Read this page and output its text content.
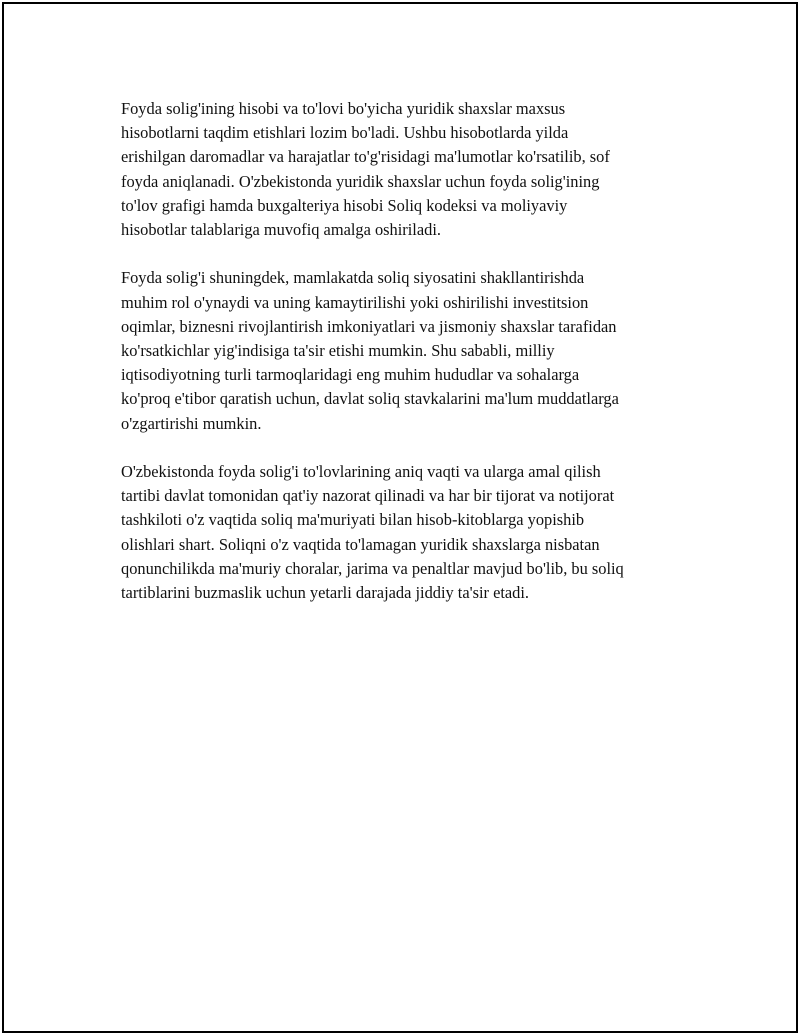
Foyda solig'ining hisobi va to'lovi bo'yicha yuridik shaxslar maxsus
hisobotlarni taqdim etishlari lozim bo'ladi. Ushbu hisobotlarda yilda
erishilgan daromadlar va harajatlar to'g'risidagi ma'lumotlar ko'rsatilib, sof
foyda aniqlanadi. O'zbekistonda yuridik shaxslar uchun foyda solig'ining
to'lov grafigi hamda buxgalteriya hisobi Soliq kodeksi va moliyaviy
hisobotlar talablariga muvofiq amalga oshiriladi.

Foyda solig'i shuningdek, mamlakatda soliq siyosatini shakllantirishda
muhim rol o'ynaydi va uning kamaytirilishi yoki oshirilishi investitsion
oqimlar, biznesni rivojlantirish imkoniyatlari va jismoniy shaxslar tarafidan
ko'rsatkichlar yig'indisiga ta'sir etishi mumkin. Shu sababli, milliy
iqtisodiyotning turli tarmoqlaridagi eng muhim hududlar va sohalarga
ko'proq e'tibor qaratish uchun, davlat soliq stavkalarini ma'lum muddatlarga
o'zgartirishi mumkin.

O'zbekistonda foyda solig'i to'lovlarining aniq vaqti va ularga amal qilish
tartibi davlat tomonidan qat'iy nazorat qilinadi va har bir tijorat va notijorat
tashkiloti o'z vaqtida soliq ma'muriyati bilan hisob-kitoblarga yopishib
olishlari shart. Soliqni o'z vaqtida to'lamagan yuridik shaxslarga nisbatan
qonunchilikda ma'muriy choralar, jarima va penaltlar mavjud bo'lib, bu soliq
tartiblarini buzmaslik uchun yetarli darajada jiddiy ta'sir etadi.
